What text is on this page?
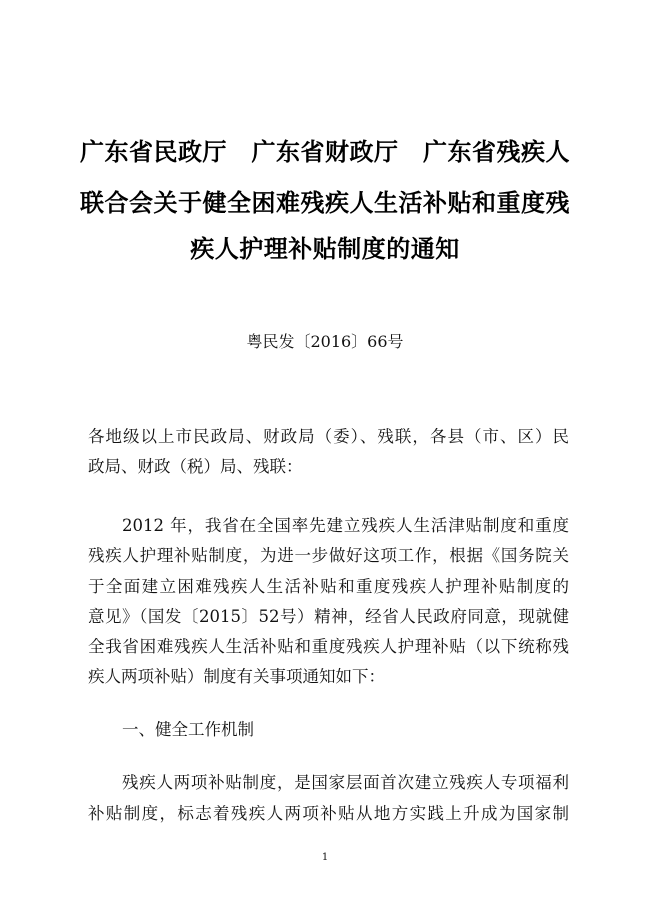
广东省民政厅　广东省财政厅　广东省残疾人
联合会关于健全困难残疾人生活补贴和重度残
疾人护理补贴制度的通知
粤民发〔2016〕66号
各地级以上市民政局、财政局（委）、残联，各县（市、区）民
政局、财政（税）局、残联：
2012 年，我省在全国率先建立残疾人生活津贴制度和重度
残疾人护理补贴制度，为进一步做好这项工作，根据《国务院关
于全面建立困难残疾人生活补贴和重度残疾人护理补贴制度的
意见》（国发〔2015〕52号）精神，经省人民政府同意，现就健
全我省困难残疾人生活补贴和重度残疾人护理补贴（以下统称残
疾人两项补贴）制度有关事项通知如下：
一、健全工作机制
残疾人两项补贴制度，是国家层面首次建立残疾人专项福利
补贴制度，标志着残疾人两项补贴从地方实践上升成为国家制
1
